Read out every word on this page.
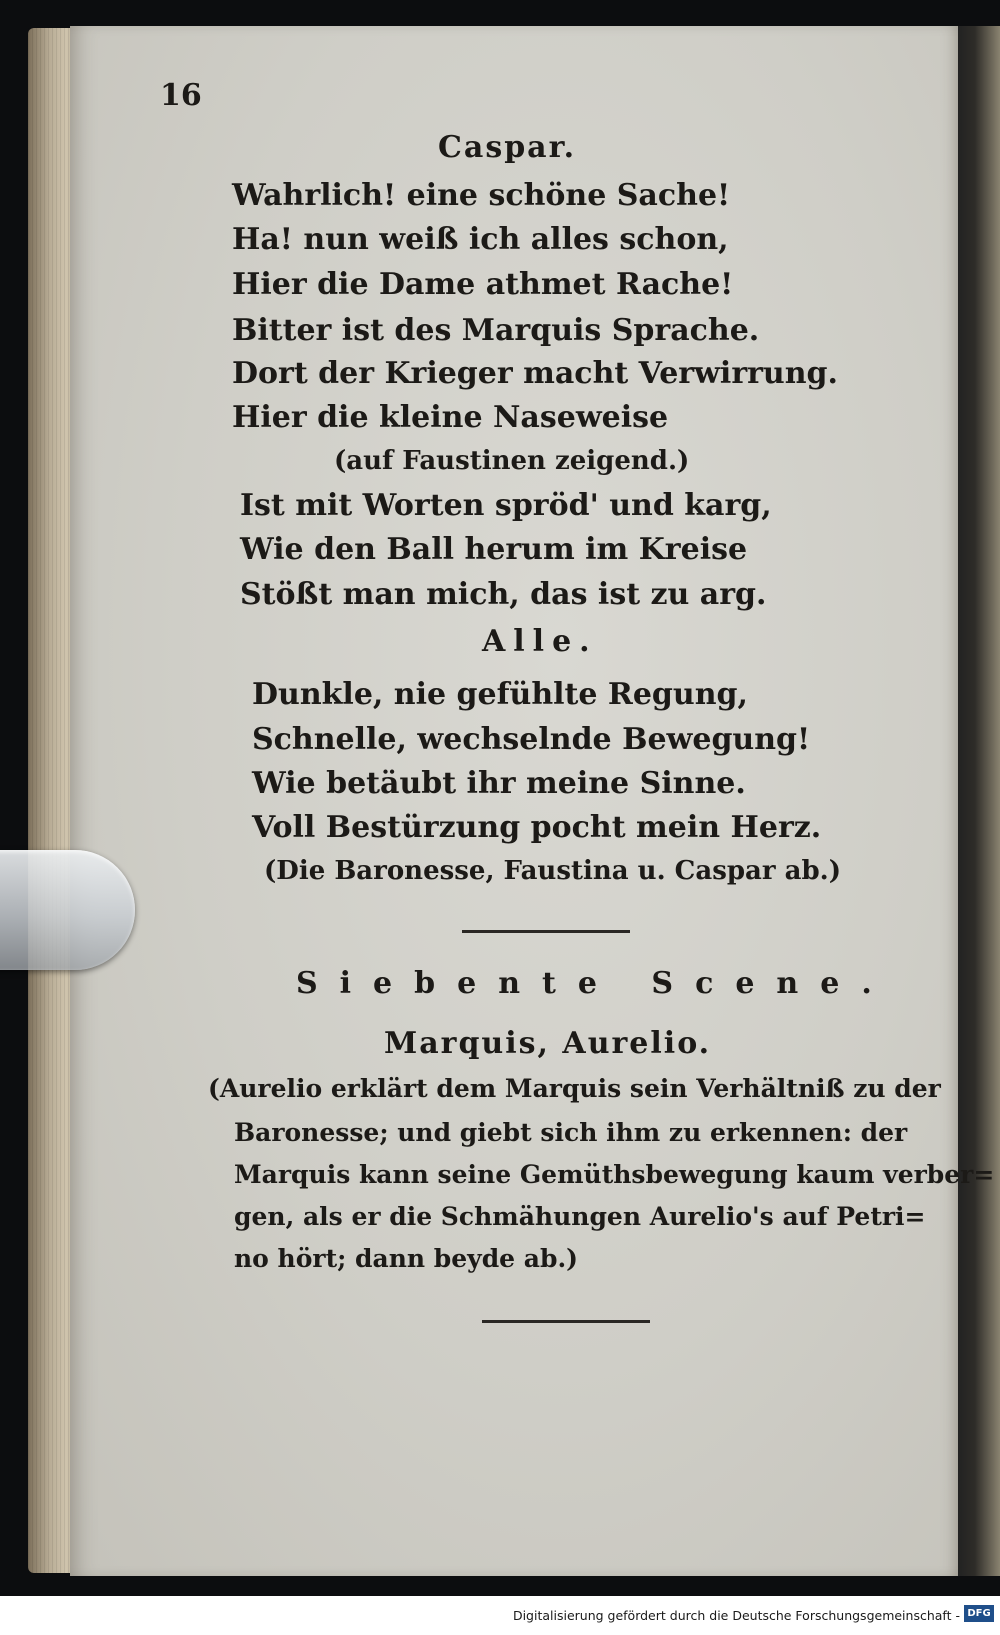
16
Caspar.
Wahrlich! eine schöne Sache!
Ha! nun weiß ich alles schon,
Hier die Dame athmet Rache!
Bitter ist des Marquis Sprache.
Dort der Krieger macht Verwirrung.
Hier die kleine Naseweise
(auf Faustinen zeigend.)
Ist mit Worten spröd' und karg,
Wie den Ball herum im Kreise
Stößt man mich, das ist zu arg.
Alle.
Dunkle, nie gefühlte Regung,
Schnelle, wechselnde Bewegung!
Wie betäubt ihr meine Sinne.
Voll Bestürzung pocht mein Herz.
(Die Baronesse, Faustina u. Caspar ab.)
Siebente Scene.
Marquis, Aurelio.
(Aurelio erklärt dem Marquis sein Verhältniß zu der
Baronesse; und giebt sich ihm zu erkennen: der
Marquis kann seine Gemüthsbewegung kaum verber=
gen, als er die Schmähungen Aurelio's auf Petri=
no hört; dann beyde ab.)
Digitalisierung gefördert durch die Deutsche Forschungsgemeinschaft - DFG
